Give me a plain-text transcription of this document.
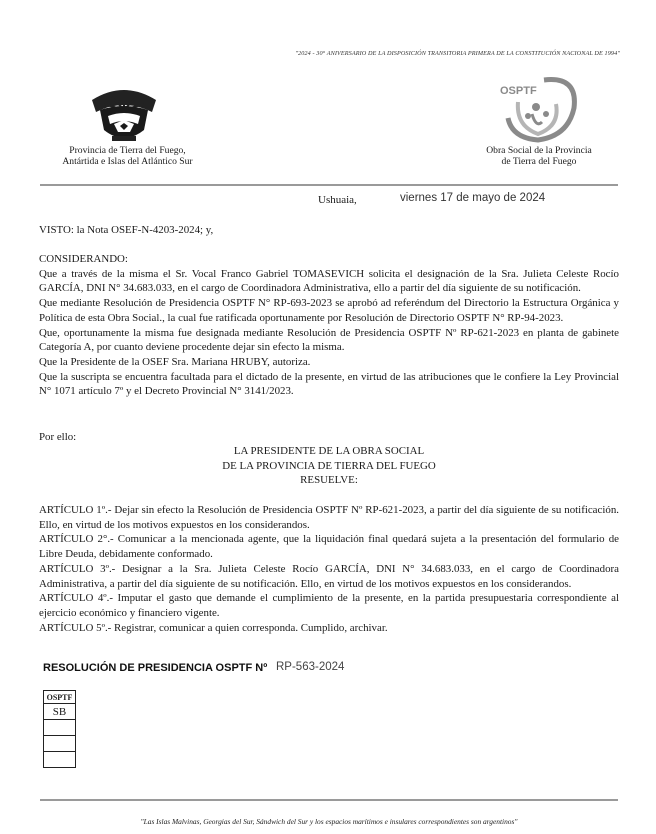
"2024 - 30° ANIVERSARIO DE LA DISPOSICIÓN TRANSITORIA PRIMERA DE LA CONSTITUCIÓN NACIONAL DE 1994"
Provincia de Tierra del Fuego,
Antártida e Islas del Atlántico Sur
OSPTF
Obra Social de la Provincia
de Tierra del Fuego
Ushuaia,	viernes 17 de mayo de 2024
VISTO: la Nota OSEF-N-4203-2024; y,

CONSIDERANDO:

Que a través de la misma el Sr. Vocal Franco Gabriel TOMASEVICH solicita el designación de la Sra. Julieta Celeste Rocío GARCÍA, DNI N° 34.683.033, en el cargo de Coordinadora Administrativa, ello a partir del día siguiente de su notificación.

Que mediante Resolución de Presidencia OSPTF N° RP-693-2023 se aprobó ad referéndum del Directorio la Estructura Orgánica y Política de esta Obra Social., la cual fue ratificada oportunamente por Resolución de Directorio OSPTF N° RP-94-2023.

Que, oportunamente la misma fue designada mediante Resolución de Presidencia OSPTF Nº RP-621-2023 en planta de gabinete Categoría A, por cuanto deviene procedente dejar sin efecto la misma.

Que la Presidente de la OSEF Sra. Mariana HRUBY, autoriza.

Que la suscripta se encuentra facultada para el dictado de la presente, en virtud de las atribuciones que le confiere la Ley Provincial N° 1071 artículo 7º y el Decreto Provincial N° 3141/2023.

Por ello:

LA PRESIDENTE DE LA OBRA SOCIAL

DE LA PROVINCIA DE TIERRA DEL FUEGO

RESUELVE:

ARTÍCULO 1º.- Dejar sin efecto la Resolución de Presidencia OSPTF Nº RP-621-2023, a partir del día siguiente de su notificación. Ello, en virtud de los motivos expuestos en los considerandos.

ARTÍCULO 2°.- Comunicar a la mencionada agente, que la liquidación final quedará sujeta a la presentación del formulario de Libre Deuda, debidamente conformado.

ARTÍCULO 3º.- Designar a la Sra. Julieta Celeste Rocío GARCÍA, DNI N° 34.683.033, en el cargo de Coordinadora Administrativa, a partir del día siguiente de su notificación. Ello, en virtud de los motivos expuestos en los considerandos.

ARTÍCULO 4º.- Imputar el gasto que demande el cumplimiento de la presente, en la partida presupuestaria correspondiente al ejercicio económico y financiero vigente.

ARTÍCULO 5º.- Registrar, comunicar a quien corresponda. Cumplido, archivar.

RESOLUCIÓN DE PRESIDENCIA OSPTF Nº RP-563-2024
OSPTF
SB

"Las Islas Malvinas, Georgias del Sur, Sándwich del Sur y los espacios marítimos e insulares correspondientes son argentinos"
